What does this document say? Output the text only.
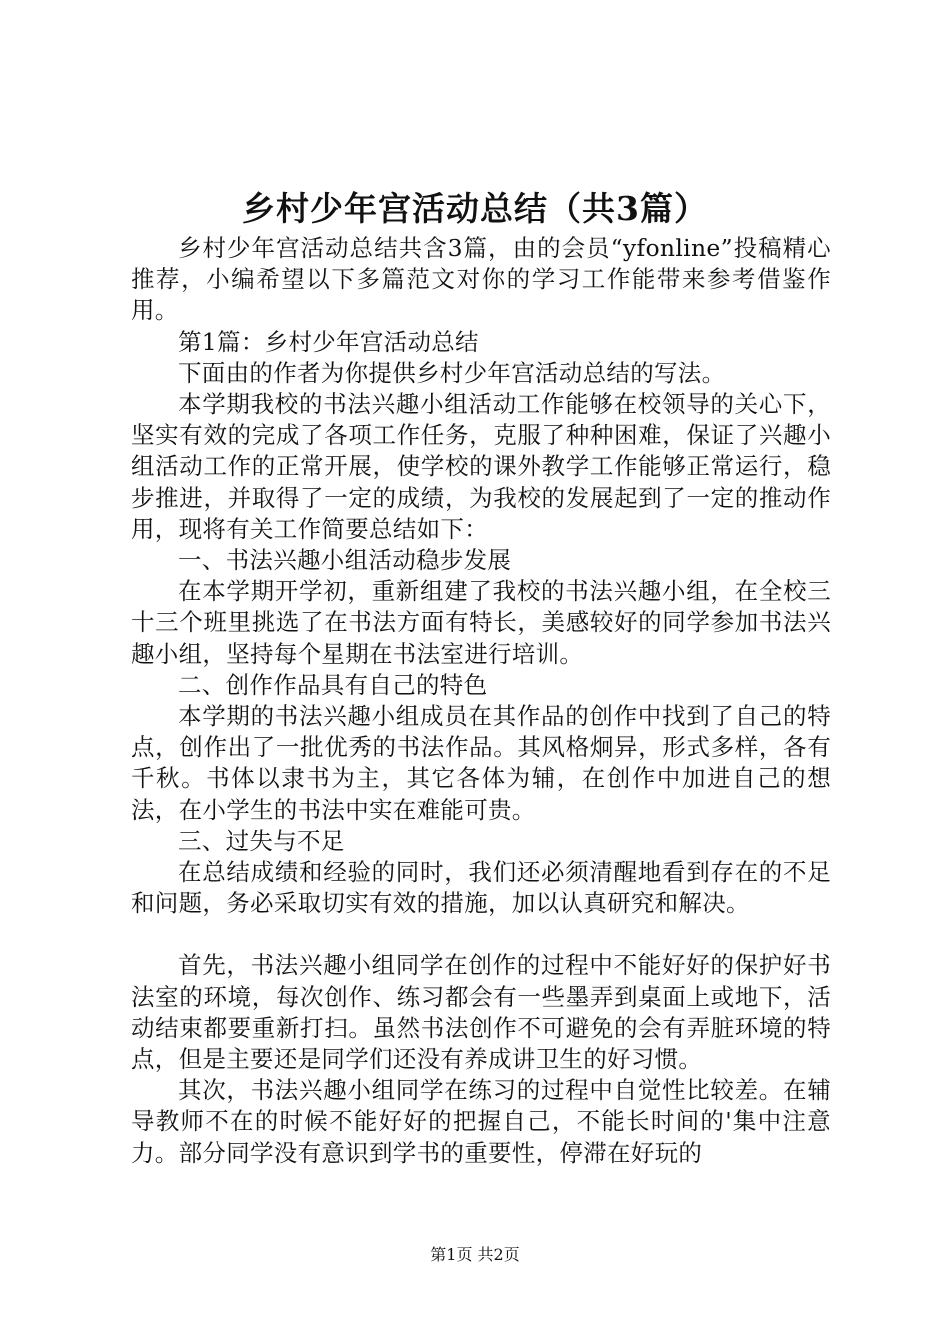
乡村少年宫活动总结（共3篇）

乡村少年宫活动总结共含3篇，由的会员“yfonline”投稿精心推荐，小编希望以下多篇范文对你的学习工作能带来参考借鉴作用。

第1篇：乡村少年宫活动总结

下面由的作者为你提供乡村少年宫活动总结的写法。

本学期我校的书法兴趣小组活动工作能够在校领导的关心下，坚实有效的完成了各项工作任务，克服了种种困难，保证了兴趣小组活动工作的正常开展，使学校的课外教学工作能够正常运行，稳步推进，并取得了一定的成绩，为我校的发展起到了一定的推动作用，现将有关工作简要总结如下：

一、书法兴趣小组活动稳步发展

在本学期开学初，重新组建了我校的书法兴趣小组，在全校三十三个班里挑选了在书法方面有特长，美感较好的同学参加书法兴趣小组，坚持每个星期在书法室进行培训。

二、创作作品具有自己的特色

本学期的书法兴趣小组成员在其作品的创作中找到了自己的特点，创作出了一批优秀的书法作品。其风格炯异，形式多样，各有千秋。书体以隶书为主，其它各体为辅，在创作中加进自己的想法，在小学生的书法中实在难能可贵。

三、过失与不足

在总结成绩和经验的同时，我们还必须清醒地看到存在的不足和问题，务必采取切实有效的措施，加以认真研究和解决。

首先，书法兴趣小组同学在创作的过程中不能好好的保护好书法室的环境，每次创作、练习都会有一些墨弄到桌面上或地下，活动结束都要重新打扫。虽然书法创作不可避免的会有弄脏环境的特点，但是主要还是同学们还没有养成讲卫生的好习惯。

其次，书法兴趣小组同学在练习的过程中自觉性比较差。在辅导教师不在的时候不能好好的把握自己，不能长时间的'集中注意力。部分同学没有意识到学书的重要性，停滞在好玩的

第1页 共2页
